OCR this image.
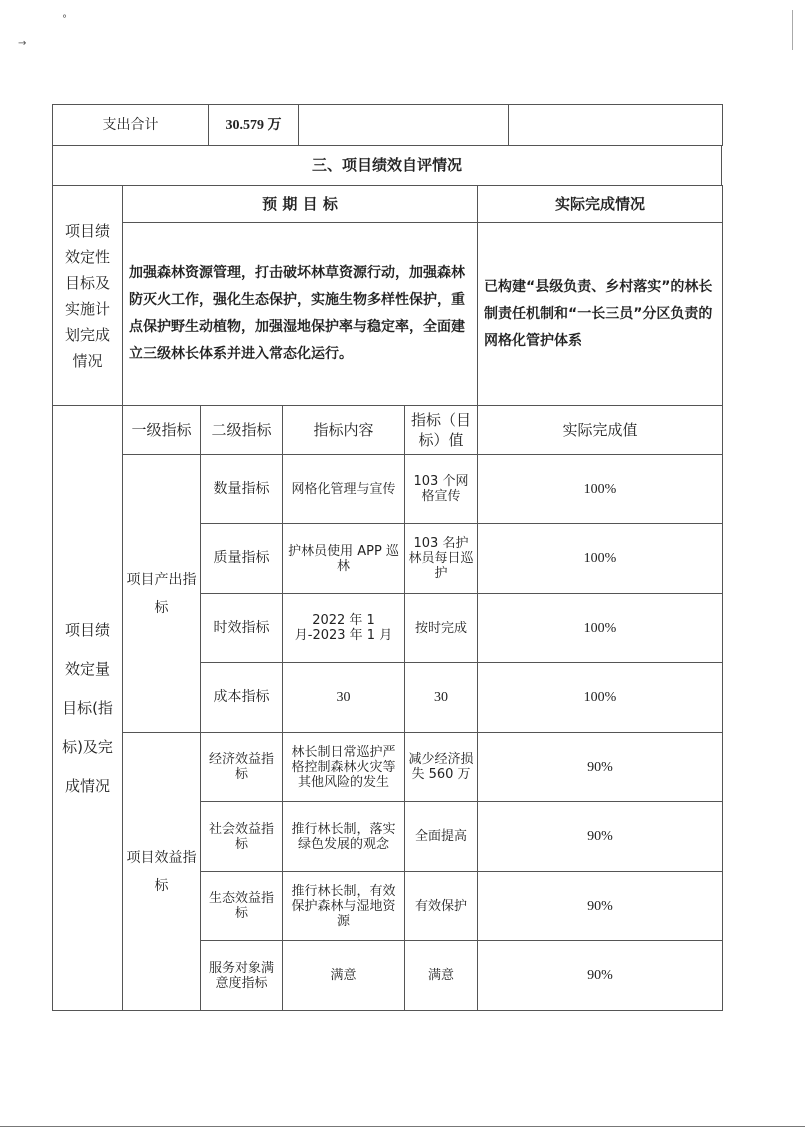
°
→
支出合计	30.579 万		
三、项目绩效自评情况
项目绩效定性目标及实施计划完成情况	预 期 目 标	实际完成情况
	加强森林资源管理，打击破坏林草资源行动，加强森林防灭火工作，强化生态保护，实施生物多样性保护，重点保护野生动植物，加强湿地保护率与稳定率，全面建立三级林长体系并进入常态化运行。	已构建“县级负责、乡村落实”的林长制责任机制和“一长三员”分区负责的网格化管护体系
项目绩效定量目标(指标)及完成情况	一级指标	二级指标	指标内容	指标（目标）值	实际完成值
	项目产出指标	数量指标	网格化管理与宣传	103 个网格宣传	100%
		质量指标	护林员使用 APP 巡林	103 名护林员每日巡护	100%
		时效指标	2022 年 1 月-2023 年 1 月	按时完成	100%
		成本指标	30	30	100%
	项目效益指标	经济效益指标	林长制日常巡护严格控制森林火灾等其他风险的发生	减少经济损失 560 万	90%
		社会效益指标	推行林长制，落实绿色发展的观念	全面提高	90%
		生态效益指标	推行林长制，有效保护森林与湿地资源	有效保护	90%
		服务对象满意度指标	满意	满意	90%
